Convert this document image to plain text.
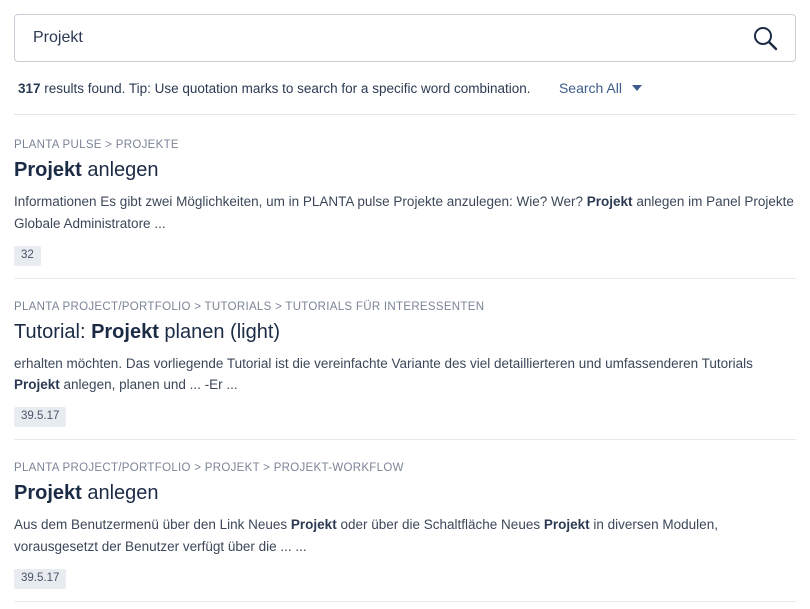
Projekt
317 results found. Tip: Use quotation marks to search for a specific word combination. Search All
PLANTA PULSE > PROJEKTE
Projekt anlegen
Informationen Es gibt zwei Möglichkeiten, um in PLANTA pulse Projekte anzulegen: Wie? Wer? Projekt anlegen im Panel Projekte Globale Administratore ...
32
PLANTA PROJECT/PORTFOLIO > TUTORIALS > TUTORIALS FÜR INTERESSENTEN
Tutorial: Projekt planen (light)
erhalten möchten. Das vorliegende Tutorial ist die vereinfachte Variante des viel detaillierteren und umfassenderen Tutorials Projekt anlegen, planen und ... -Er ...
39.5.17
PLANTA PROJECT/PORTFOLIO > PROJEKT > PROJEKT-WORKFLOW
Projekt anlegen
Aus dem Benutzermenü über den Link Neues Projekt oder über die Schaltfläche Neues Projekt in diversen Modulen, vorausgesetzt der Benutzer verfügt über die ... ...
39.5.17
